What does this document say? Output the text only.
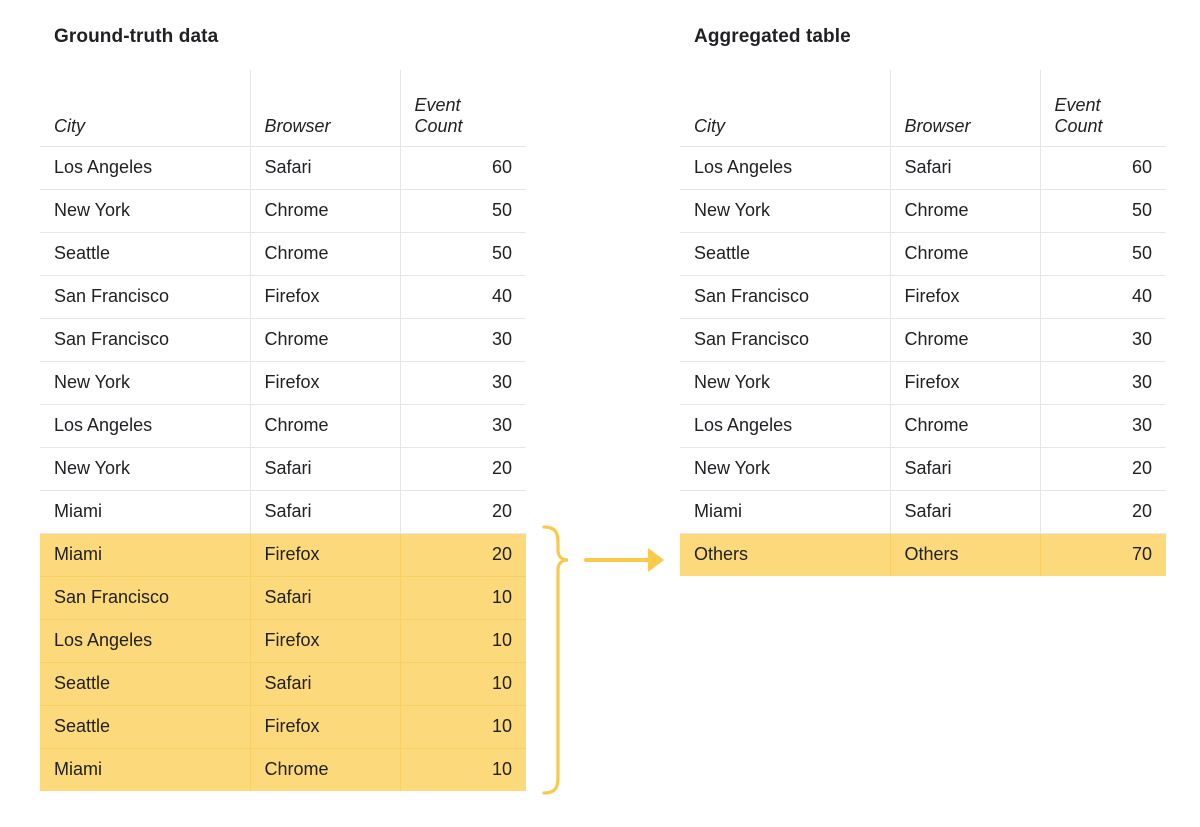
Ground-truth data
City	Browser	Event
Count

Los Angeles	Safari	60
New York	Chrome	50
Seattle	Chrome	50
San Francisco	Firefox	40
San Francisco	Chrome	30
New York	Firefox	30
Los Angeles	Chrome	30
New York	Safari	20
Miami	Safari	20
Miami	Firefox	20
San Francisco	Safari	10
Los Angeles	Firefox	10
Seattle	Safari	10
Seattle	Firefox	10
Miami	Chrome	10
Aggregated table
City	Browser	Event
Count

Los Angeles	Safari	60
New York	Chrome	50
Seattle	Chrome	50
San Francisco	Firefox	40
San Francisco	Chrome	30
New York	Firefox	30
Los Angeles	Chrome	30
New York	Safari	20
Miami	Safari	20
Others	Others	70
